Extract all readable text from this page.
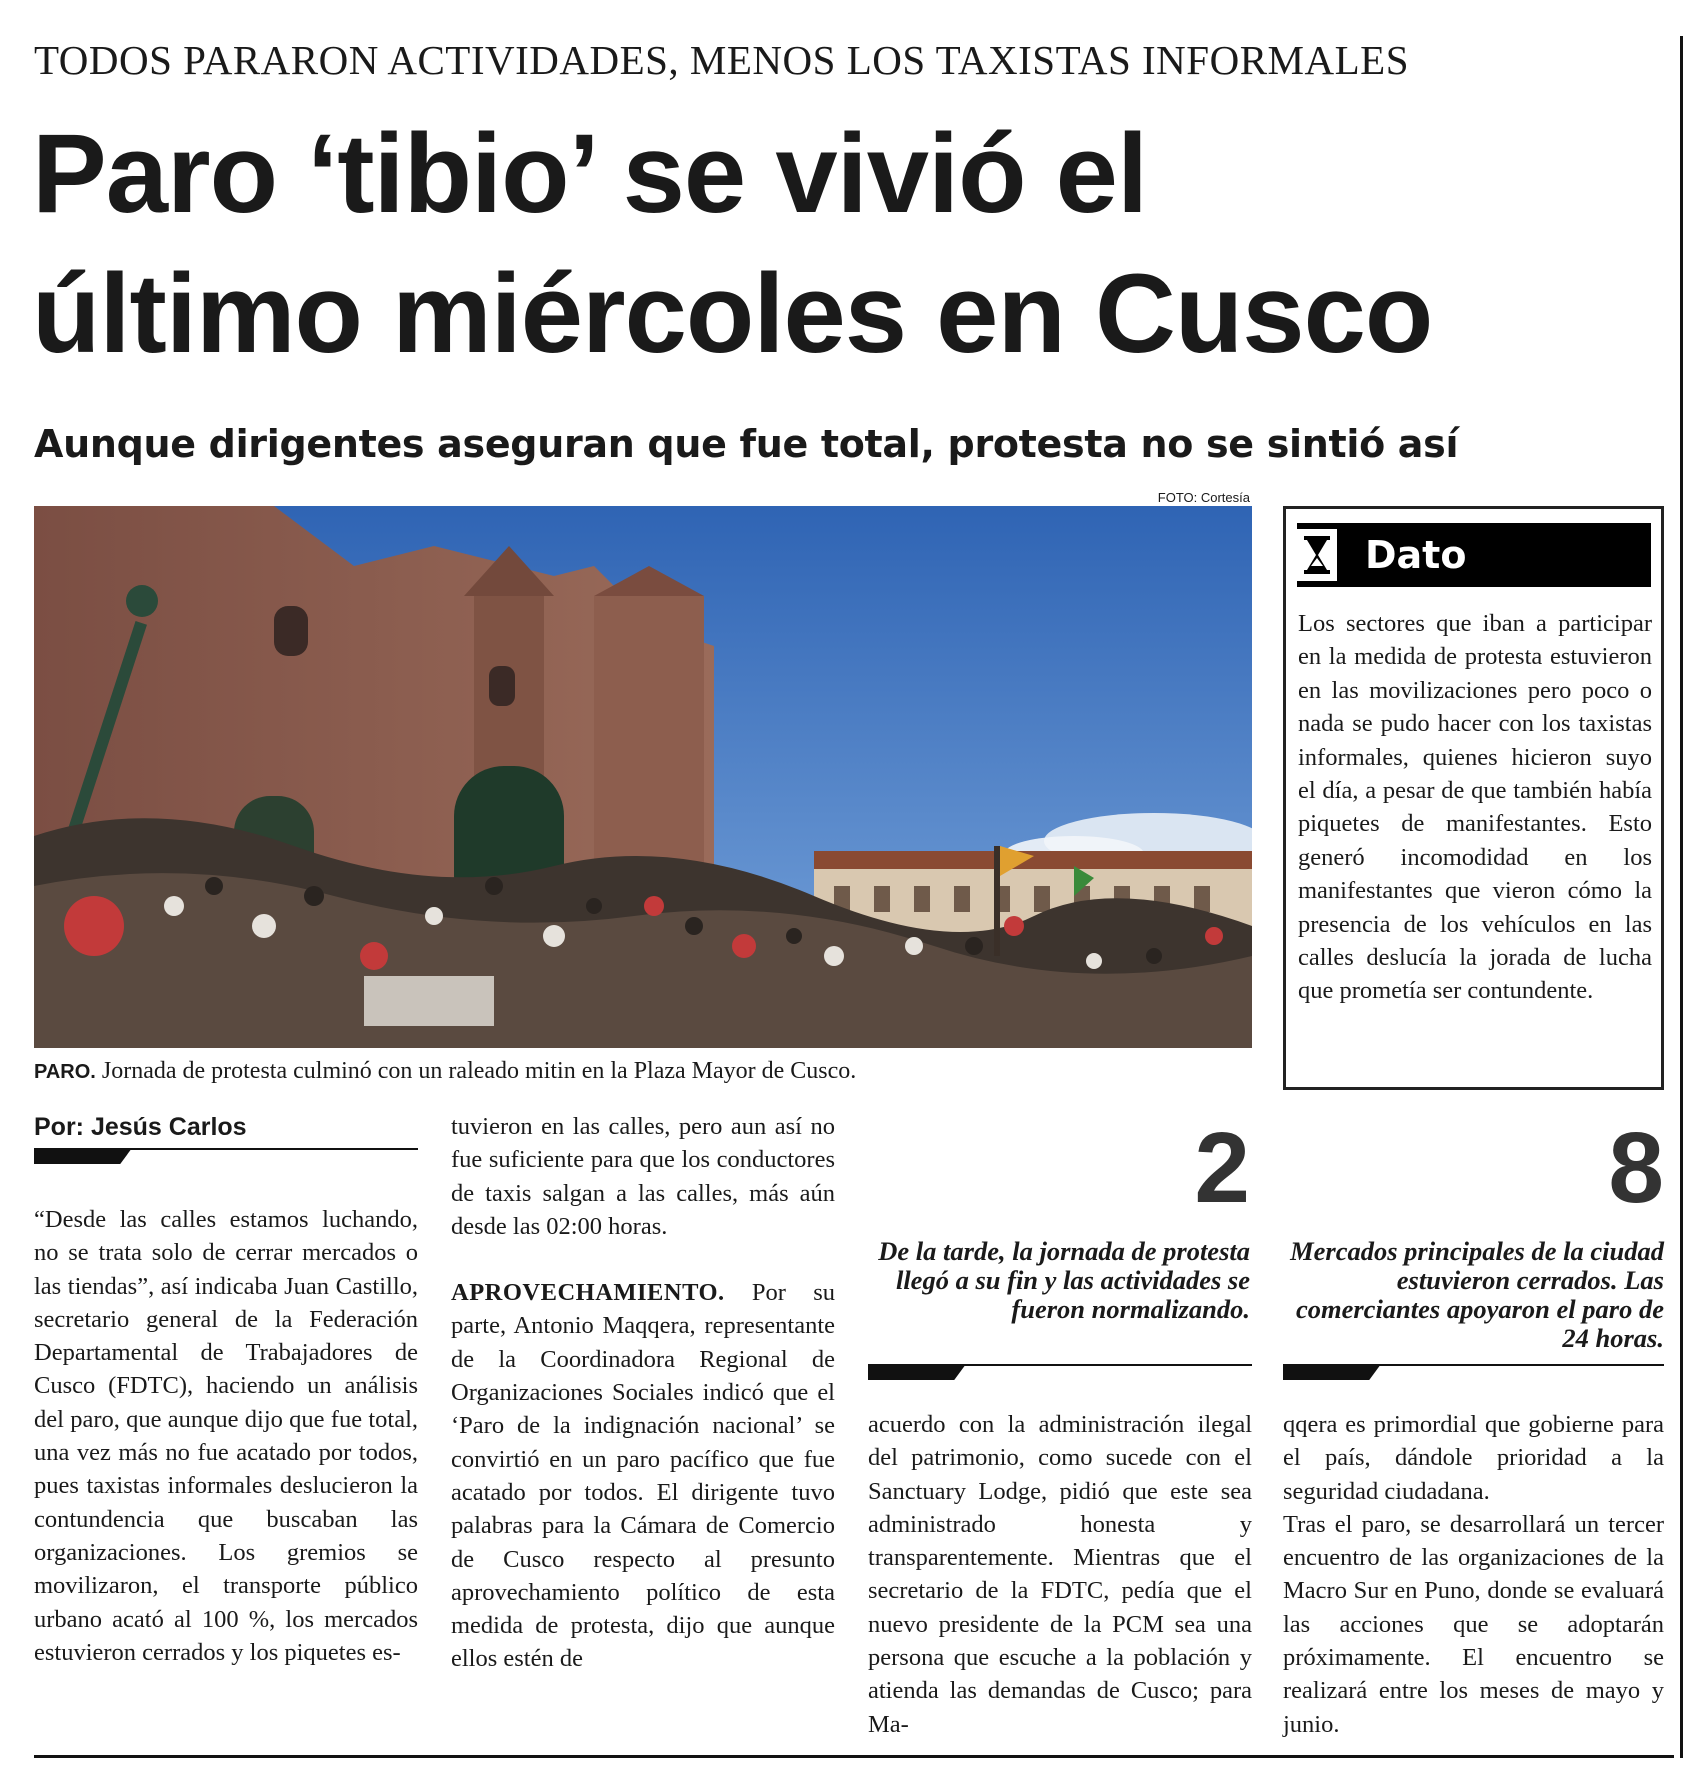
TODOS PARARON ACTIVIDADES, MENOS LOS TAXISTAS INFORMALES
Paro ‘tibio’ se vivió el
último miércoles en Cusco
Aunque dirigentes aseguran que fue total, protesta no se sintió así
FOTO: Cortesía
PARO. Jornada de protesta culminó con un raleado mitin en la Plaza Mayor de Cusco.
Dato
Los sectores que iban a participar en la medida de protesta estuvieron en las movilizaciones pero poco o nada se pudo hacer con los taxistas informales, quienes hicieron suyo el día, a pesar de que también había piquetes de manifestantes. Esto generó incomodidad en los manifestantes que vieron cómo la presencia de los vehículos en las calles deslucía la jorada de lucha que prometía ser contundente.
Por: Jesús Carlos

“Desde las calles estamos luchando, no se trata solo de cerrar mercados o las tiendas”, así indicaba Juan Castillo, secretario general de la Federación Departamental de Trabajadores de Cusco (FDTC), haciendo un análisis del paro, que aunque dijo que fue total, una vez más no fue acatado por todos, pues taxistas informales deslucieron la contundencia que buscaban las organizaciones. Los gremios se movilizaron, el transporte público urbano acató al 100 %, los mercados estuvieron cerrados y los piquetes es-

tuvieron en las calles, pero aun así no fue suficiente para que los conductores de taxis salgan a las calles, más aún desde las 02:00 horas.

APROVECHAMIENTO. Por su parte, Antonio Maqqera, representante de la Coordinadora Regional de Organizaciones Sociales indicó que el ‘Paro de la indignación nacional’ se convirtió en un paro pacífico que fue acatado por todos. El dirigente tuvo palabras para la Cámara de Comercio de Cusco respecto al presunto aprovechamiento político de esta medida de protesta, dijo que aunque ellos estén de

2
De la tarde, la jornada de protesta llegó a su fin y las actividades se fueron normalizando.
8
Mercados principales de la ciudad estuvieron cerrados. Las comerciantes apoyaron el paro de 24 horas.

acuerdo con la administración ilegal del patrimonio, como sucede con el Sanctuary Lodge, pidió que este sea administrado honesta y transparentemente. Mientras que el secretario de la FDTC, pedía que el nuevo presidente de la PCM sea una persona que escuche a la población y atienda las demandas de Cusco; para Ma-

qqera es primordial que gobierne para el país, dándole prioridad a la seguridad ciudadana.

Tras el paro, se desarrollará un tercer encuentro de las organizaciones de la Macro Sur en Puno, donde se evaluará las acciones que se adoptarán próximamente. El encuentro se realizará entre los meses de mayo y junio.
